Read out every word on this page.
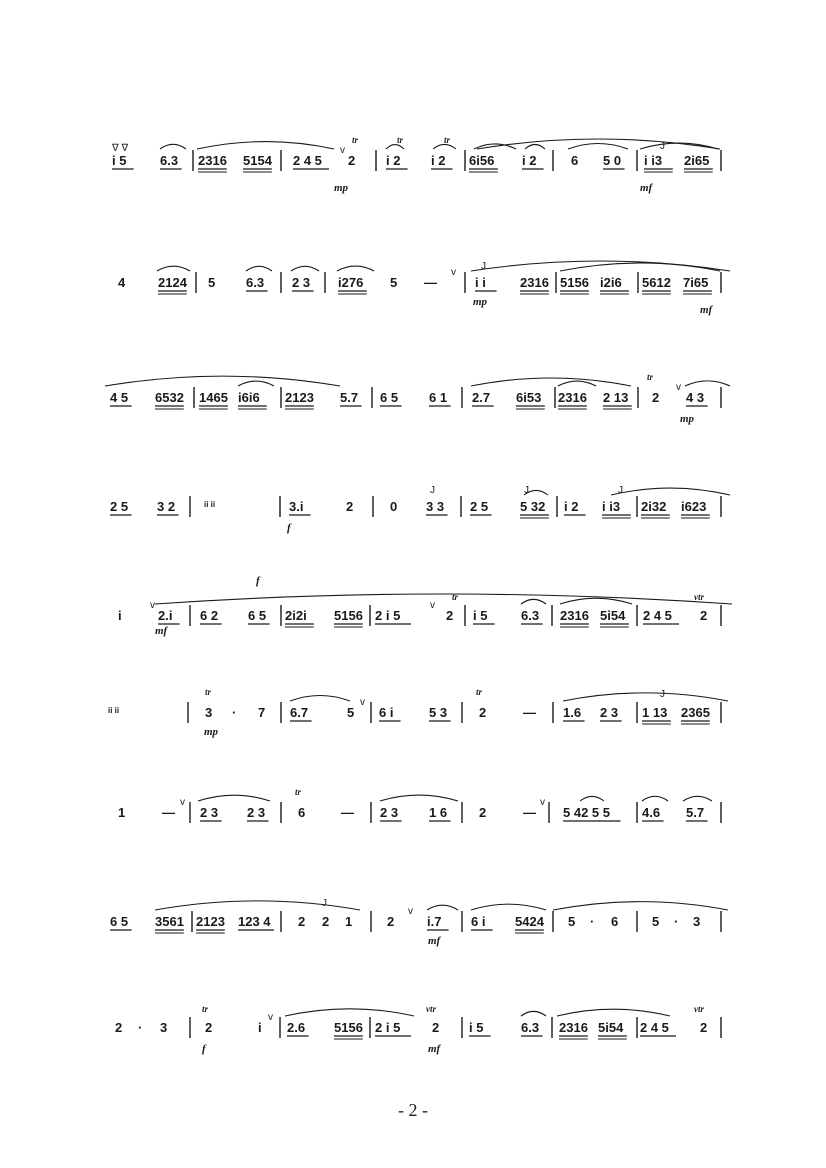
i 5	6.3 2316 5154 2 4 5
v
2 i 2 i 2 6i56 i 2	6 5 0 i i3 2i65
tr	tr	tr
mp	mf
∇ ∇	J
4	2124 5 6.3 2 3 i276 5 —
v
i i	2316 5156 i2i6 5612 7i65
mp
mf
J
4 5 6532 1465 i6i6 2123 5.7 6 5 6 1 2.7 6i53 2316 2 13 2
v
4 3
tr
mp
2 5 3 2	ii ii	3.i	2	0 3 3 2 5 5 32 i 2 i i3 2i32 i623
f
J	J	J
i
v
2.i 6 2 6 5 2i2i 5156 2 i 5
v
2 i 5	6.3 2316 5i54 2 4 5 2
f
mf
tr	vtr
ii ii	3 · 7 6.7	5
v
6 i	5 3 2	— 1.6 2 3 1 13 2365
tr
mp
tr	J
1	—
v
2 3 2 3	6	— 2 3 1 6 2	—
v
5 42 5 5 4.6 5.7
tr
6 5 3561 2123 123 4 2 2 1	2
v
i.7 6 i 5424 5 · 6	5 · 3
J
mf
2 · 3	2	i
v
2.6 5156 2 i 5 2 i 5	6.3 2316 5i54 2 4 5 2
tr
f
vtr
mf
vtr
- 2 -
